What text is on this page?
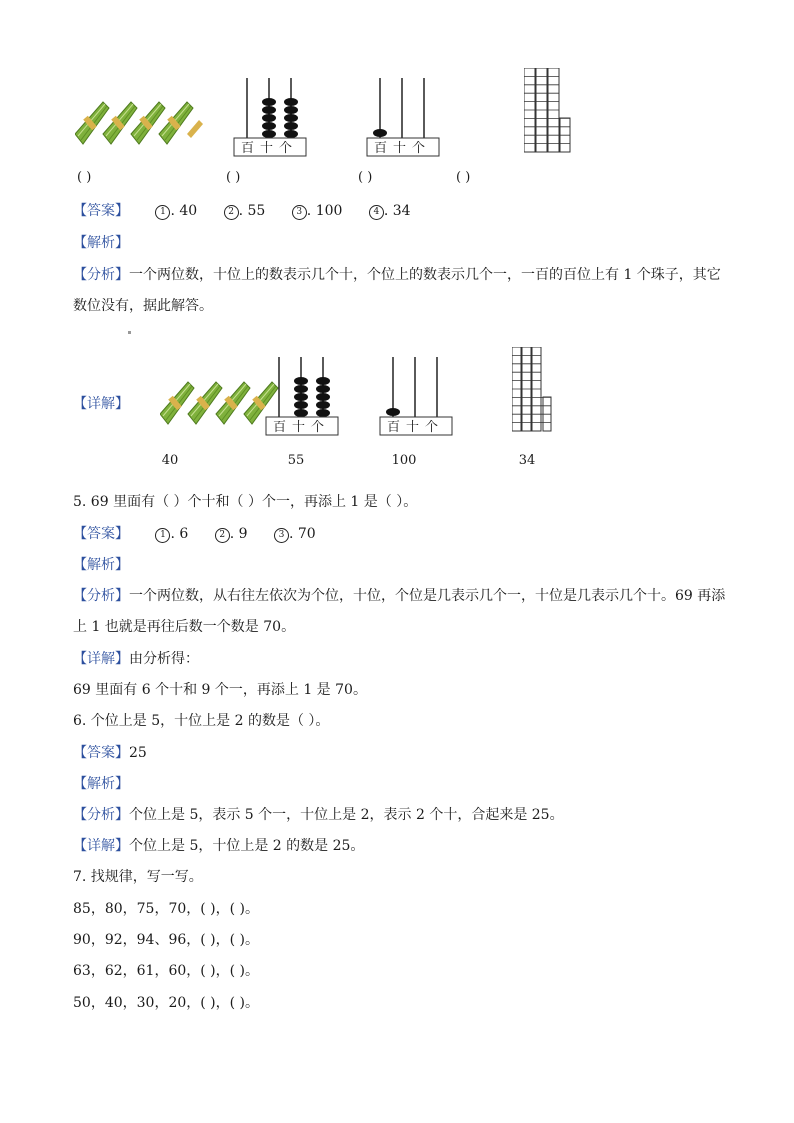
百十个	百十个
( )	( )	( )	( )
【答案】	1 . 40	2 . 55	3 . 100	4 . 34
【解析】
【分析】一个两位数，十位上的数表示几个十，个位上的数表示几个一，一百的百位上有 1 个珠子，其它
数位没有，据此解答。
【详解】
百十个	百十个
40	55	100	34
5. 69 里面有（ ）个十和（ ）个一，再添上 1 是（ ）。
【答案】	1 . 6	2 . 9	3 . 70
【解析】
【分析】一个两位数，从右往左依次为个位，十位，个位是几表示几个一，十位是几表示几个十。69 再添
上 1 也就是再往后数一个数是 70。
【详解】由分析得：
69 里面有 6 个十和 9 个一，再添上 1 是 70。
6. 个位上是 5，十位上是 2 的数是（ ）。
【答案】25
【解析】
【分析】个位上是 5，表示 5 个一，十位上是 2，表示 2 个十，合起来是 25。
【详解】个位上是 5，十位上是 2 的数是 25。
7. 找规律，写一写。
85，80，75，70，( )，( )。
90，92，94、96，( )，( )。
63，62，61，60，( )，( )。
50，40，30，20，( )，( )。
